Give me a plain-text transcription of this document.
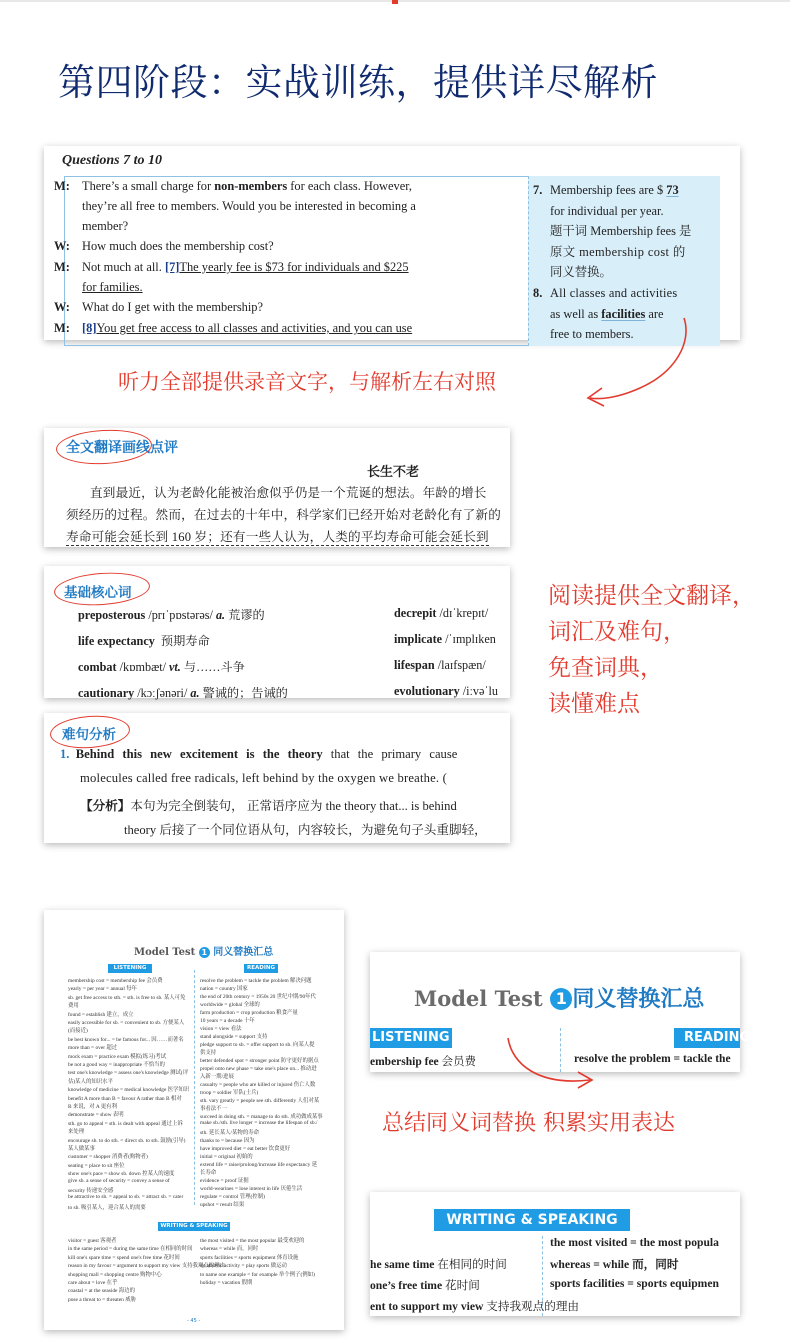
第四阶段：实战训练，提供详尽解析
Questions 7 to 10
M: There’s a small charge for non-members for each class. However,
they’re all free to members. Would you be interested in becoming a
member?
W: How much does the membership cost?
M: Not much at all. [7]The yearly fee is $73 for individuals and $225
for families.
W: What do I get with the membership?
M: [8]You get free access to all classes and activities, and you can use
7. Membership fees are $ 73
for individual per year.
题干词 Membership fees 是
原文 membership cost 的
同义替换。
8. All classes and activities
as well as facilities are
free to members.
听力全部提供录音文字，与解析左右对照
全文翻译画线点评
长生不老
直到最近，认为老龄化能被治愈似乎仍是一个荒诞的想法。年龄的增长
须经历的过程。然而，在过去的十年中，科学家们已经开始对老龄化有了新的
寿命可能会延长到 160 岁；还有一些人认为，人类的平均寿命可能会延长到
基础核心词
preposterous /prɪˈpɒstərəs/ a. 荒谬的
life expectancy 预期寿命
combat /kɒmbæt/ vt. 与……斗争
cautionary /kɔːʃənəri/ a. 警诫的；告诫的
decrepit /dɪˈkrepɪt/
implicate /ˈɪmplɪken
lifespan /laɪfspæn/
evolutionary /iːvəˈlu
难句分析
1. Behind this new excitement is the theory that the primary cause
molecules called free radicals, left behind by the oxygen we breathe. (
【分析】本句为完全倒装句， 正常语序应为 the theory that... is behind
theory 后接了一个同位语从句，内容较长，为避免句子头重脚轻，
阅读提供全文翻译，
词汇及难句，
免查词典，
读懂难点
Model Test 1 同义替换汇总
LISTENING	READING
membership cost = membership fee 会员费
yearly = per year = annual 每年
sb. get free access to sth. = sth. is free to sb. 某人可免
费用
found = establish 建立，成立
easily accessible for sb. = convenient to sb. 方便某人
(而接近)
be best known for... = be famous for... 因……而著名
more than = over 超过
mock exam = practice exam 模拟(练习)考试
be not a good way = inappropriate 不恰当的
test one's knowledge = assess one's knowledge 测试(评
估)某人的知识水平
knowledge of medicine = medical knowledge 医学知识
benefit A more than B = favour A rather than B 相对
B 来说，对 A 更有利
demonstrate = show 表明
sth. go to appeal = sth. is dealt with appeal 通过上诉
来处理
encourage sb. to do sth. = direct sb. to sth. 鼓励(引导)
某人做某事
customer = shopper 消费者(购物者)
seating = place to sit 座位
show one's pace = show sb. down 控某人的速度
give sb. a sense of security = convey a sense of
security 传递安全感
be attractive to sb. = appeal to sb. = attract sb. = cater
to sb. 吸引某人，迎合某人的需要
resolve the problem = tackle the problem 解决问题
nation = country 国家
the end of 20th century = 1950s 20 世纪中期/90年代
worldwide = global 全球的
farm production = crop production 粮食产量
10 years = a decade 十年
vision = view 看法
stand alongside = support 支持
pledge support to sb. = offer support to sb. 向某人提
供支持
better defended spot = stronger point 防守更好的据点
propel onto new phase = take one's place on... 推动进
入新一期/进展
casualty = people who are killed or injured 伤亡人数
troop = soldier 军队(士兵)
sth. vary greatly = people see sth. differently 人们对某
事看法不一
succeed in doing sth. = manage to do sth. 成功做成某事
make sb./sth. live longer = increase the lifespan of sb./
sth. 延长某人/某物的寿命
thanks to = because 因为
have improved diet = eat better 饮食更好
initial = original 初始的
extend life = raise/prolong/increase life expectancy 延
长寿命
evidence = proof 证据
world-wearines = lose interest in life 厌倦生活
regulate = control 管理(控制)
upshot = result 结果
WRITING & SPEAKING
visitor = guest 客观者
in the same period = during the same time 在相同的时间
kill one's spare time = spend one's free time 花时间
reason in my favour = argument to support my view 支持我观点的理由
shopping mall = shopping centre 购物中心
care about = love 在乎
coastal = at the seaside 海边的
pose a threat to = threaten 威胁
the most visited = the most popular 最受欢迎的
whereas = while 而，同时
sports facilities = sports equipment 体育设施
do athletic activity = play sports 做运动
to name one example = for example 举个例子(例如)
holiday = vacation 假期
- 45 -
Model Test 1 同义替换汇总
LISTENING	READING
embership fee 会员费	resolve the problem = tackle the
总结同义词替换 积累实用表达
WRITING & SPEAKING
the most visited = the most popula
he same time 在相同的时间	whereas = while 而，同时
one’s free time 花时间	sports facilities = sports equipmen
ent to support my view 支持我观点的理由
